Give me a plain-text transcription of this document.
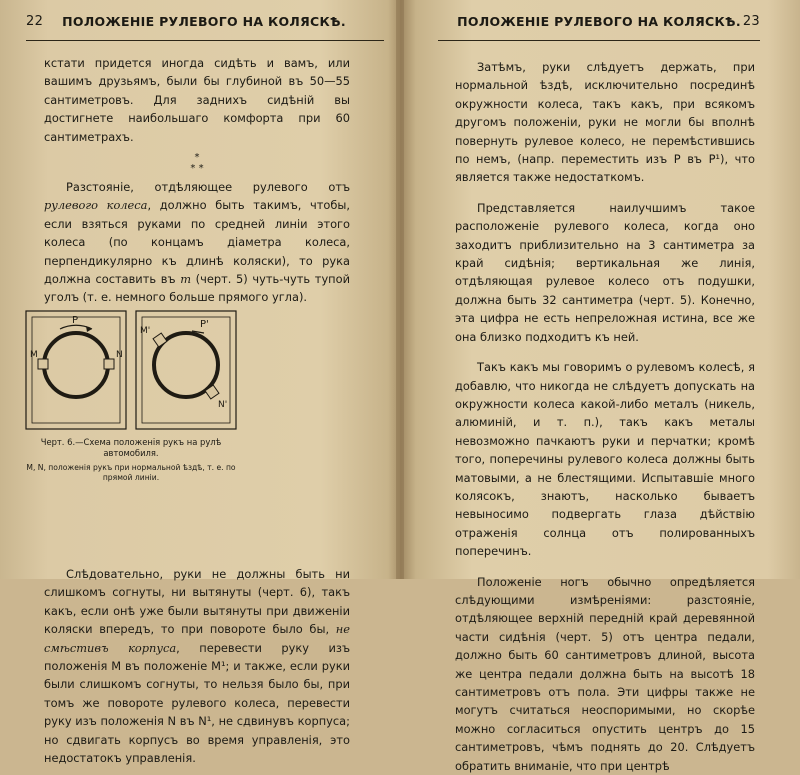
22	ПОЛОЖЕНІЕ РУЛЕВОГО НА КОЛЯСКѢ.

кстати придется иногда сидѣть и вамъ, или вашимъ друзьямъ, были бы глубиной въ 50—55 сантиметровъ. Для заднихъ сидѣній вы достигнете наибольшаго комфорта при 60 сантиметрахъ.

*
* *

Разстояніе, отдѣляющее рулевого отъ рулевого колеса, должно быть такимъ, чтобы, если взяться руками по средней линіи этого колеса (по концамъ діаметра колеса, перпендикулярно къ длинѣ коляски), то рука должна составить въ m (черт. 5) чуть-чуть тупой уголъ (т. е. немного больше прямого угла).

P
M	N
P'
M'
N'
Черт. 6.—Схема положенія рукъ на рулѣ автомобиля.
M, N, положенія рукъ при нормальной ѣздѣ, т. е. по прямой линіи.

Слѣдовательно, руки не должны быть ни слишкомъ согнуты, ни вытянуты (черт. 6), такъ какъ, если онѣ уже были вытянуты при движеніи коляски впередъ, то при повороте было бы, не смѣстивъ корпуса, перевести руку изъ положенія M въ положеніе M¹; и также, если руки были слишкомъ согнуты, то нельзя было бы, при томъ же повороте рулевого колеса, перевести руку изъ положенія N въ N¹, не сдвинувъ корпуса; но сдвигать корпусъ во время управленія, это недостатокъ управленія.

ПОЛОЖЕНІЕ РУЛЕВОГО НА КОЛЯСКѢ. 23

Затѣмъ, руки слѣдуетъ держать, при нормальной ѣздѣ, исключительно посрединѣ окружности колеса, такъ какъ, при всякомъ другомъ положеніи, руки не могли бы вполнѣ повернуть рулевое колесо, не перемѣстившись по немъ, (напр. переместить изъ P въ P¹), что является также недостаткомъ.

Представляется наилучшимъ такое расположеніе рулевого колеса, когда оно заходитъ приблизительно на 3 сантиметра за край сидѣнія; вертикальная же линія, отдѣляющая рулевое колесо отъ подушки, должна быть 32 сантиметра (черт. 5). Конечно, эта цифра не есть непреложная истина, все же она близко подходитъ къ ней.

Такъ какъ мы говоримъ о рулевомъ колесѣ, я добавлю, что никогда не слѣдуетъ допускать на окружности колеса какой-либо металъ (никель, алюминій, и т. п.), такъ какъ металы невозможно пачкаютъ руки и перчатки; кромѣ того, поперечины рулевого колеса должны быть матовыми, а не блестящими. Испытавшіе много колясокъ, знаютъ, насколько бываетъ невыносимо подвергать глаза дѣйствію отраженія солнца отъ полированныхъ поперечинъ.

Положеніе ногъ обычно опредѣляется слѣдующими измѣреніями: разстояніе, отдѣляющее верхній передній край деревянной части сидѣнія (черт. 5) отъ центра педали, должно быть 60 сантиметровъ длиной, высота же центра педали должна быть на высотѣ 18 сантиметровъ отъ пола. Эти цифры также не могутъ считаться неоспоримыми, но скорѣе можно согласиться опустить центръ до 15 сантиметровъ, чѣмъ поднять до 20. Слѣдуетъ обратить вниманіе, что при центрѣ
